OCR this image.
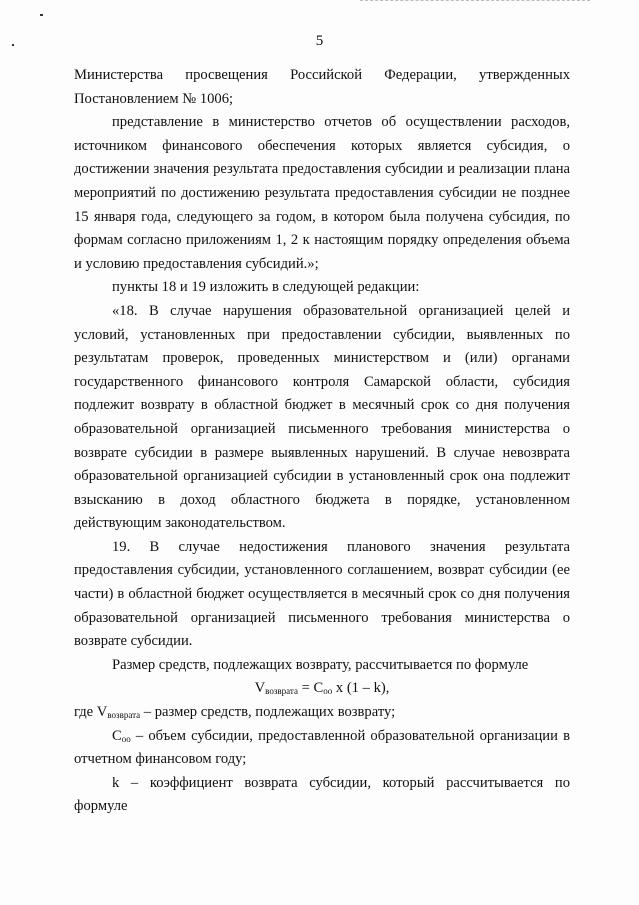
5

Министерства просвещения Российской Федерации, утвержденных Постановлением № 1006;

представление в министерство отчетов об осуществлении расходов, источником финансового обеспечения которых является субсидия, о достижении значения результата предоставления субсидии и реализации плана мероприятий по достижению результата предоставления субсидии не позднее 15 января года, следующего за годом, в котором была получена субсидия, по формам согласно приложениям 1, 2 к настоящим порядку определения объема и условию предоставления субсидий.»;

пункты 18 и 19 изложить в следующей редакции:

«18. В случае нарушения образовательной организацией целей и условий, установленных при предоставлении субсидии, выявленных по результатам проверок, проведенных министерством и (или) органами государственного финансового контроля Самарской области, субсидия подлежит возврату в областной бюджет в месячный срок со дня получения образовательной организацией письменного требования министерства о возврате субсидии в размере выявленных нарушений. В случае невозврата образовательной организацией субсидии в установленный срок она подлежит взысканию в доход областного бюджета в порядке, установленном действующим законодательством.

19. В случае недостижения планового значения результата предоставления субсидии, установленного соглашением, возврат субсидии (ее части) в областной бюджет осуществляется в месячный срок со дня получения образовательной организацией письменного требования министерства о возврате субсидии.

Размер средств, подлежащих возврату, рассчитывается по формуле

$V_{возврата} = C_{оо}$ x (1 – k),

где $V_{возврата}$ – размер средств, подлежащих возврату;

$C_{оо}$ – объем субсидии, предоставленной образовательной организации в отчетном финансовом году;

k – коэффициент возврата субсидии, который рассчитывается по формуле
